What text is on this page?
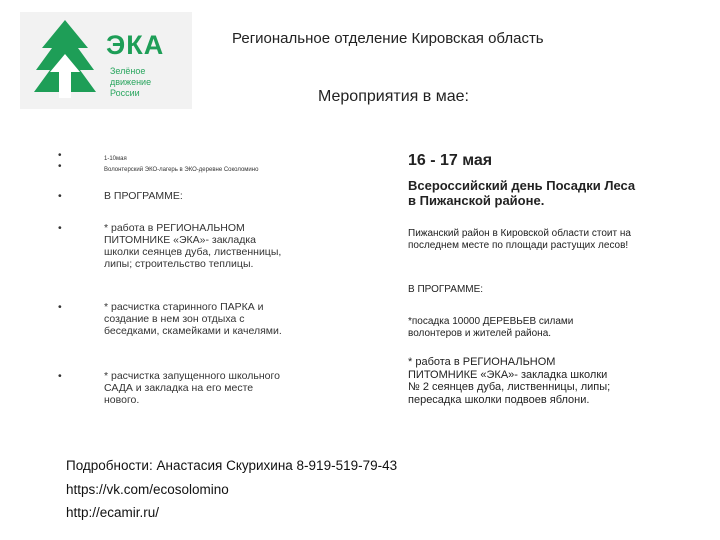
ЭКА
Зелёное
движение
России
Региональное отделение Кировская область
Мероприятия в мае:
• 1-10мая
• Волонтерский ЭКО-лагерь в ЭКО-деревне Соколомино
• В ПРОГРАММЕ:
• * работа в РЕГИОНАЛЬНОМ ПИТОМНИКЕ «ЭКА»- закладка школки сеянцев дуба, лиственницы, липы; строительство теплицы.
• * расчистка старинного ПАРКА и создание в нем зон отдыха с беседками, скамейками и качелями.
• * расчистка запущенного школьного САДА и закладка на его месте нового.
16 - 17 мая
Всероссийский день Посадки Леса в Пижанской районе.
Пижанский район в Кировской области стоит на последнем месте по площади растущих лесов!
В ПРОГРАММЕ:
*посадка 10000 ДЕРЕВЬЕВ силами волонтеров и жителей района.
* работа в РЕГИОНАЛЬНОМ ПИТОМНИКЕ «ЭКА»- закладка школки № 2 сеянцев дуба, лиственницы, липы; пересадка школки подвоев яблони.
Подробности: Анастасия Скурихина 8-919-519-79-43
https://vk.com/ecosolomino
http://ecamir.ru/
